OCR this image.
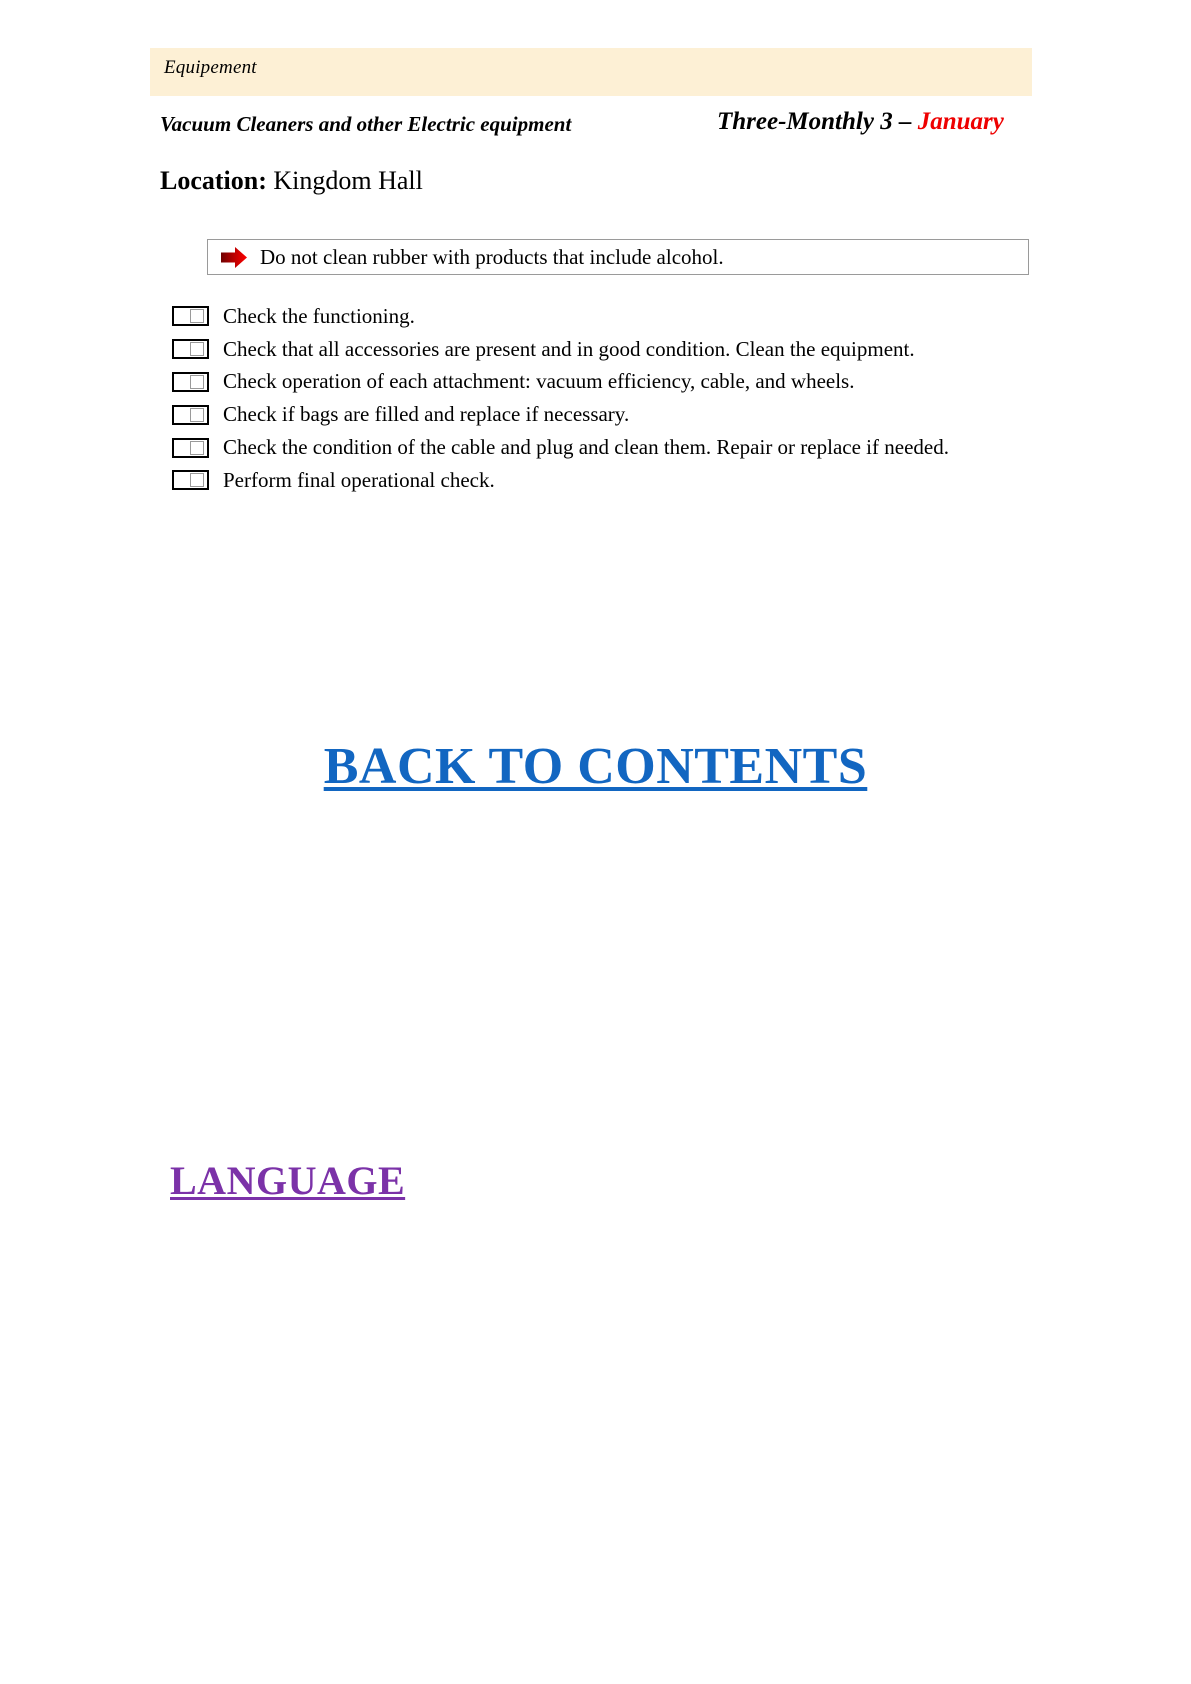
Equipement
Vacuum Cleaners and other Electric equipment	Three-Monthly 3 – January
Location: Kingdom Hall
Do not clean rubber with products that include alcohol.
Check the functioning.
Check that all accessories are present and in good condition. Clean the equipment.
Check operation of each attachment: vacuum efficiency, cable, and wheels.
Check if bags are filled and replace if necessary.
Check the condition of the cable and plug and clean them. Repair or replace if needed.
Perform final operational check.
BACK TO CONTENTS
LANGUAGE
